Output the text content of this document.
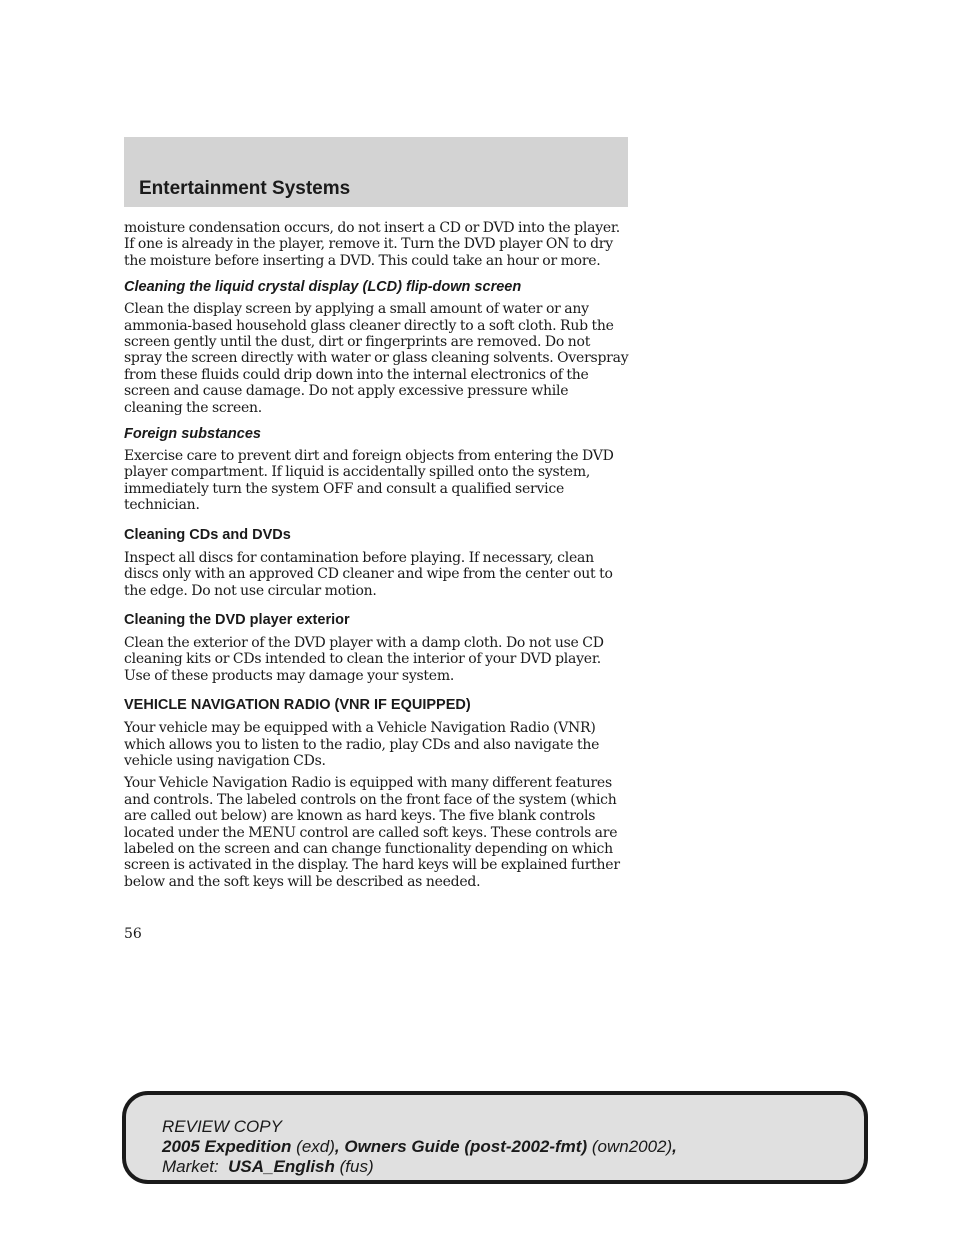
Entertainment Systems

moisture condensation occurs, do not insert a CD or DVD into the player. If one is already in the player, remove it. Turn the DVD player ON to dry the moisture before inserting a DVD. This could take an hour or more.

Cleaning the liquid crystal display (LCD) flip-down screen

Clean the display screen by applying a small amount of water or any ammonia-based household glass cleaner directly to a soft cloth. Rub the screen gently until the dust, dirt or fingerprints are removed. Do not spray the screen directly with water or glass cleaning solvents. Overspray from these fluids could drip down into the internal electronics of the screen and cause damage. Do not apply excessive pressure while cleaning the screen.

Foreign substances

Exercise care to prevent dirt and foreign objects from entering the DVD player compartment. If liquid is accidentally spilled onto the system, immediately turn the system OFF and consult a qualified service technician.

Cleaning CDs and DVDs

Inspect all discs for contamination before playing. If necessary, clean discs only with an approved CD cleaner and wipe from the center out to the edge. Do not use circular motion.

Cleaning the DVD player exterior

Clean the exterior of the DVD player with a damp cloth. Do not use CD cleaning kits or CDs intended to clean the interior of your DVD player. Use of these products may damage your system.

VEHICLE NAVIGATION RADIO (VNR IF EQUIPPED)

Your vehicle may be equipped with a Vehicle Navigation Radio (VNR) which allows you to listen to the radio, play CDs and also navigate the vehicle using navigation CDs.

Your Vehicle Navigation Radio is equipped with many different features and controls. The labeled controls on the front face of the system (which are called out below) are known as hard keys. The five blank controls located under the MENU control are called soft keys. These controls are labeled on the screen and can change functionality depending on which screen is activated in the display. The hard keys will be explained further below and the soft keys will be described as needed.

56
REVIEW COPY
2005 Expedition (exd), Owners Guide (post-2002-fmt) (own2002),
Market: USA_English (fus)
